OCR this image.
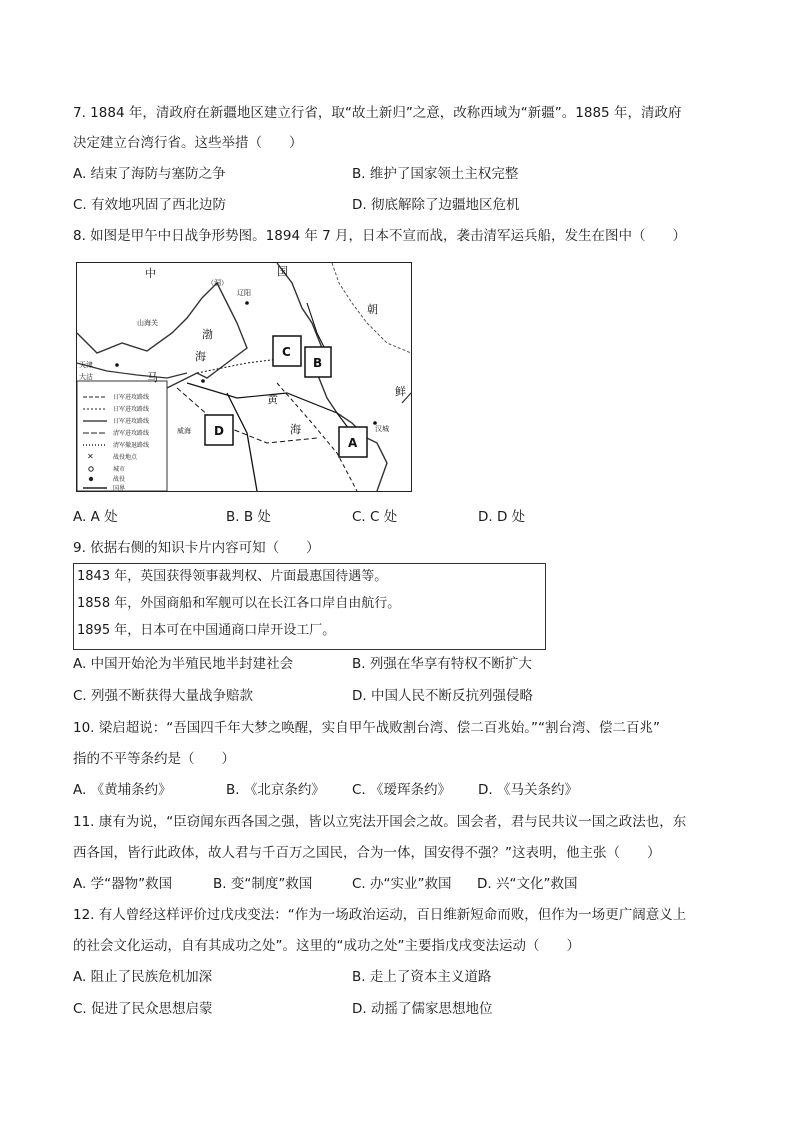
7. 1884 年，清政府在新疆地区建立行省，取“故土新归”之意，改称西域为“新疆”。1885 年，清政府
决定建立台湾行省。这些举措（　　）
A. 结束了海防与塞防之争	B. 维护了国家领土主权完整
C. 有效地巩固了西北边防	D. 彻底解除了边疆地区危机
8. 如图是甲午中日战争形势图。1894 年 7 月，日本不宣而战，袭击清军运兵船，发生在图中（　　）
日军进攻路线
日军进攻路线
日军进攻路线
清军进攻路线
清军撤退路线
✕	战役地点
城市
战役
国界
中	国
朝
鲜
渤
海
黄
海
马
（洞）
天津
大沽
山海关
辽阳
威海	汉城
C
B
D
A
A. A 处	B. B 处	C. C 处	D. D 处
9. 依据右侧的知识卡片内容可知（　　）
1843 年，英国获得领事裁判权、片面最惠国待遇等。
1858 年，外国商船和军舰可以在长江各口岸自由航行。
1895 年，日本可在中国通商口岸开设工厂。
A. 中国开始沦为半殖民地半封建社会	B. 列强在华享有特权不断扩大
C. 列强不断获得大量战争赔款	D. 中国人民不断反抗列强侵略
10. 梁启超说：“吾国四千年大梦之唤醒，实自甲午战败割台湾、偿二百兆始。”“割台湾、偿二百兆”
指的不平等条约是（　　）
A. 《黄埔条约》	B. 《北京条约》 C. 《瑷珲条约》 D. 《马关条约》
11. 康有为说，“臣窃闻东西各国之强，皆以立宪法开国会之故。国会者，君与民共议一国之政法也，东
西各国，皆行此政体，故人君与千百万之国民，合为一体，国安得不强？”这表明，他主张（　　）
A. 学“器物”救国	B. 变“制度”救国	C. 办“实业”救国 D. 兴“文化”救国
12. 有人曾经这样评价过戊戌变法：“作为一场政治运动，百日维新短命而败，但作为一场更广阔意义上
的社会文化运动，自有其成功之处”。这里的“成功之处”主要指戊戌变法运动（　　）
A. 阻止了民族危机加深	B. 走上了资本主义道路
C. 促进了民众思想启蒙	D. 动摇了儒家思想地位
